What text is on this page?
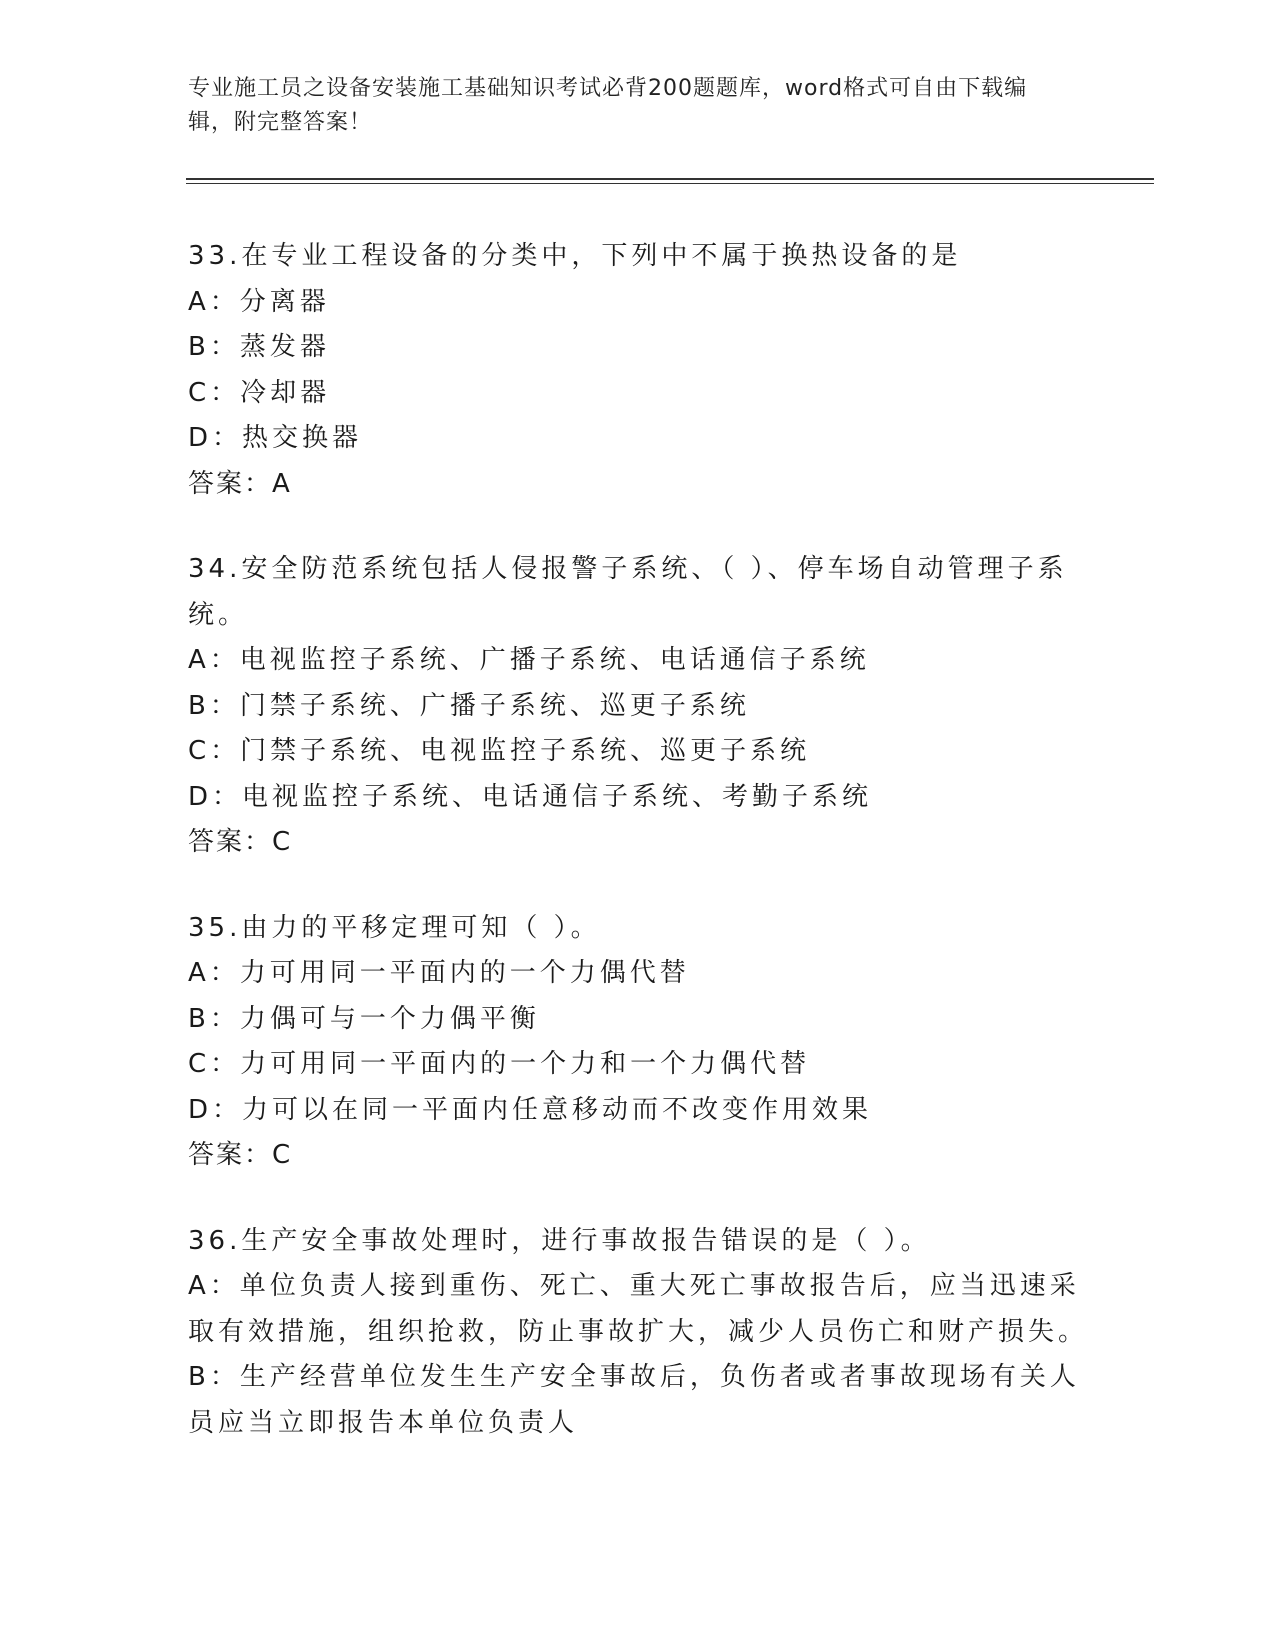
专业施工员之设备安装施工基础知识考试必背200题题库，word格式可自由下载编辑，附完整答案！
33.在专业工程设备的分类中，下列中不属于换热设备的是
A：分离器
B：蒸发器
C：冷却器
D：热交换器
答案：A
34.安全防范系统包括人侵报警子系统、（ ）、停车场自动管理子系统。
A：电视监控子系统、广播子系统、电话通信子系统
B：门禁子系统、广播子系统、巡更子系统
C：门禁子系统、电视监控子系统、巡更子系统
D：电视监控子系统、电话通信子系统、考勤子系统
答案：C
35.由力的平移定理可知（ ）。
A：力可用同一平面内的一个力偶代替
B：力偶可与一个力偶平衡
C：力可用同一平面内的一个力和一个力偶代替
D：力可以在同一平面内任意移动而不改变作用效果
答案：C
36.生产安全事故处理时，进行事故报告错误的是（ ）。
A：单位负责人接到重伤、死亡、重大死亡事故报告后，应当迅速采取有效措施，组织抢救，防止事故扩大，减少人员伤亡和财产损失。
B：生产经营单位发生生产安全事故后，负伤者或者事故现场有关人员应当立即报告本单位负责人
